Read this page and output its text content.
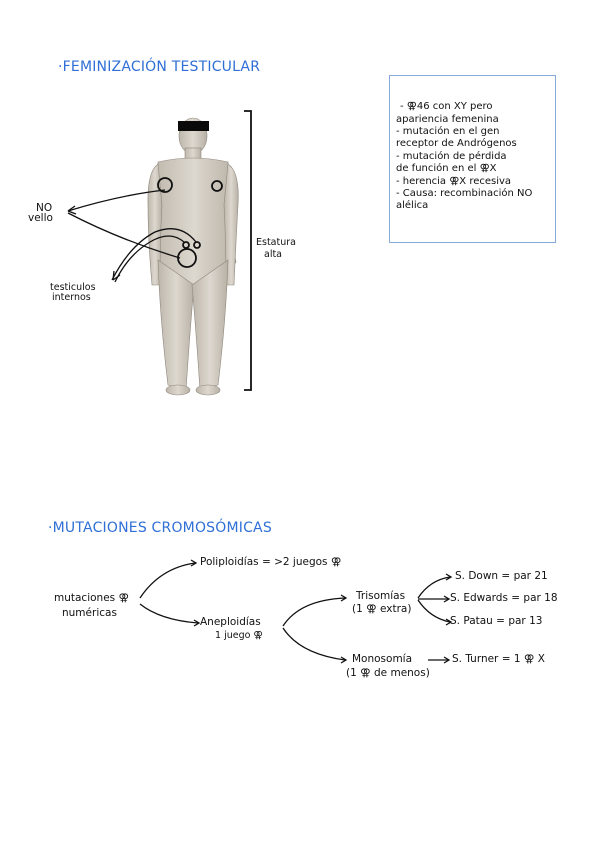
·FEMINIZACIÓN TESTICULAR
NO
vello
testiculos
internos
Estatura
alta
- ⚢46 con XY pero
apariencia femenina
- mutación en el gen
receptor de Andrógenos
- mutación de pérdida
de función en el ⚢X
- herencia ⚢X recesiva
- Causa: recombinación NO
alélica
·MUTACIONES CROMOSÓMICAS
mutaciones ⚢
numéricas
Poliploidías = >2 juegos ⚢
Aneploidías
1 juego ⚢
Trisomías
(1 ⚢ extra)
Monosomía
(1 ⚢ de menos)
S. Down = par 21
S. Edwards = par 18
S. Patau = par 13
S. Turner = 1 ⚢ X
